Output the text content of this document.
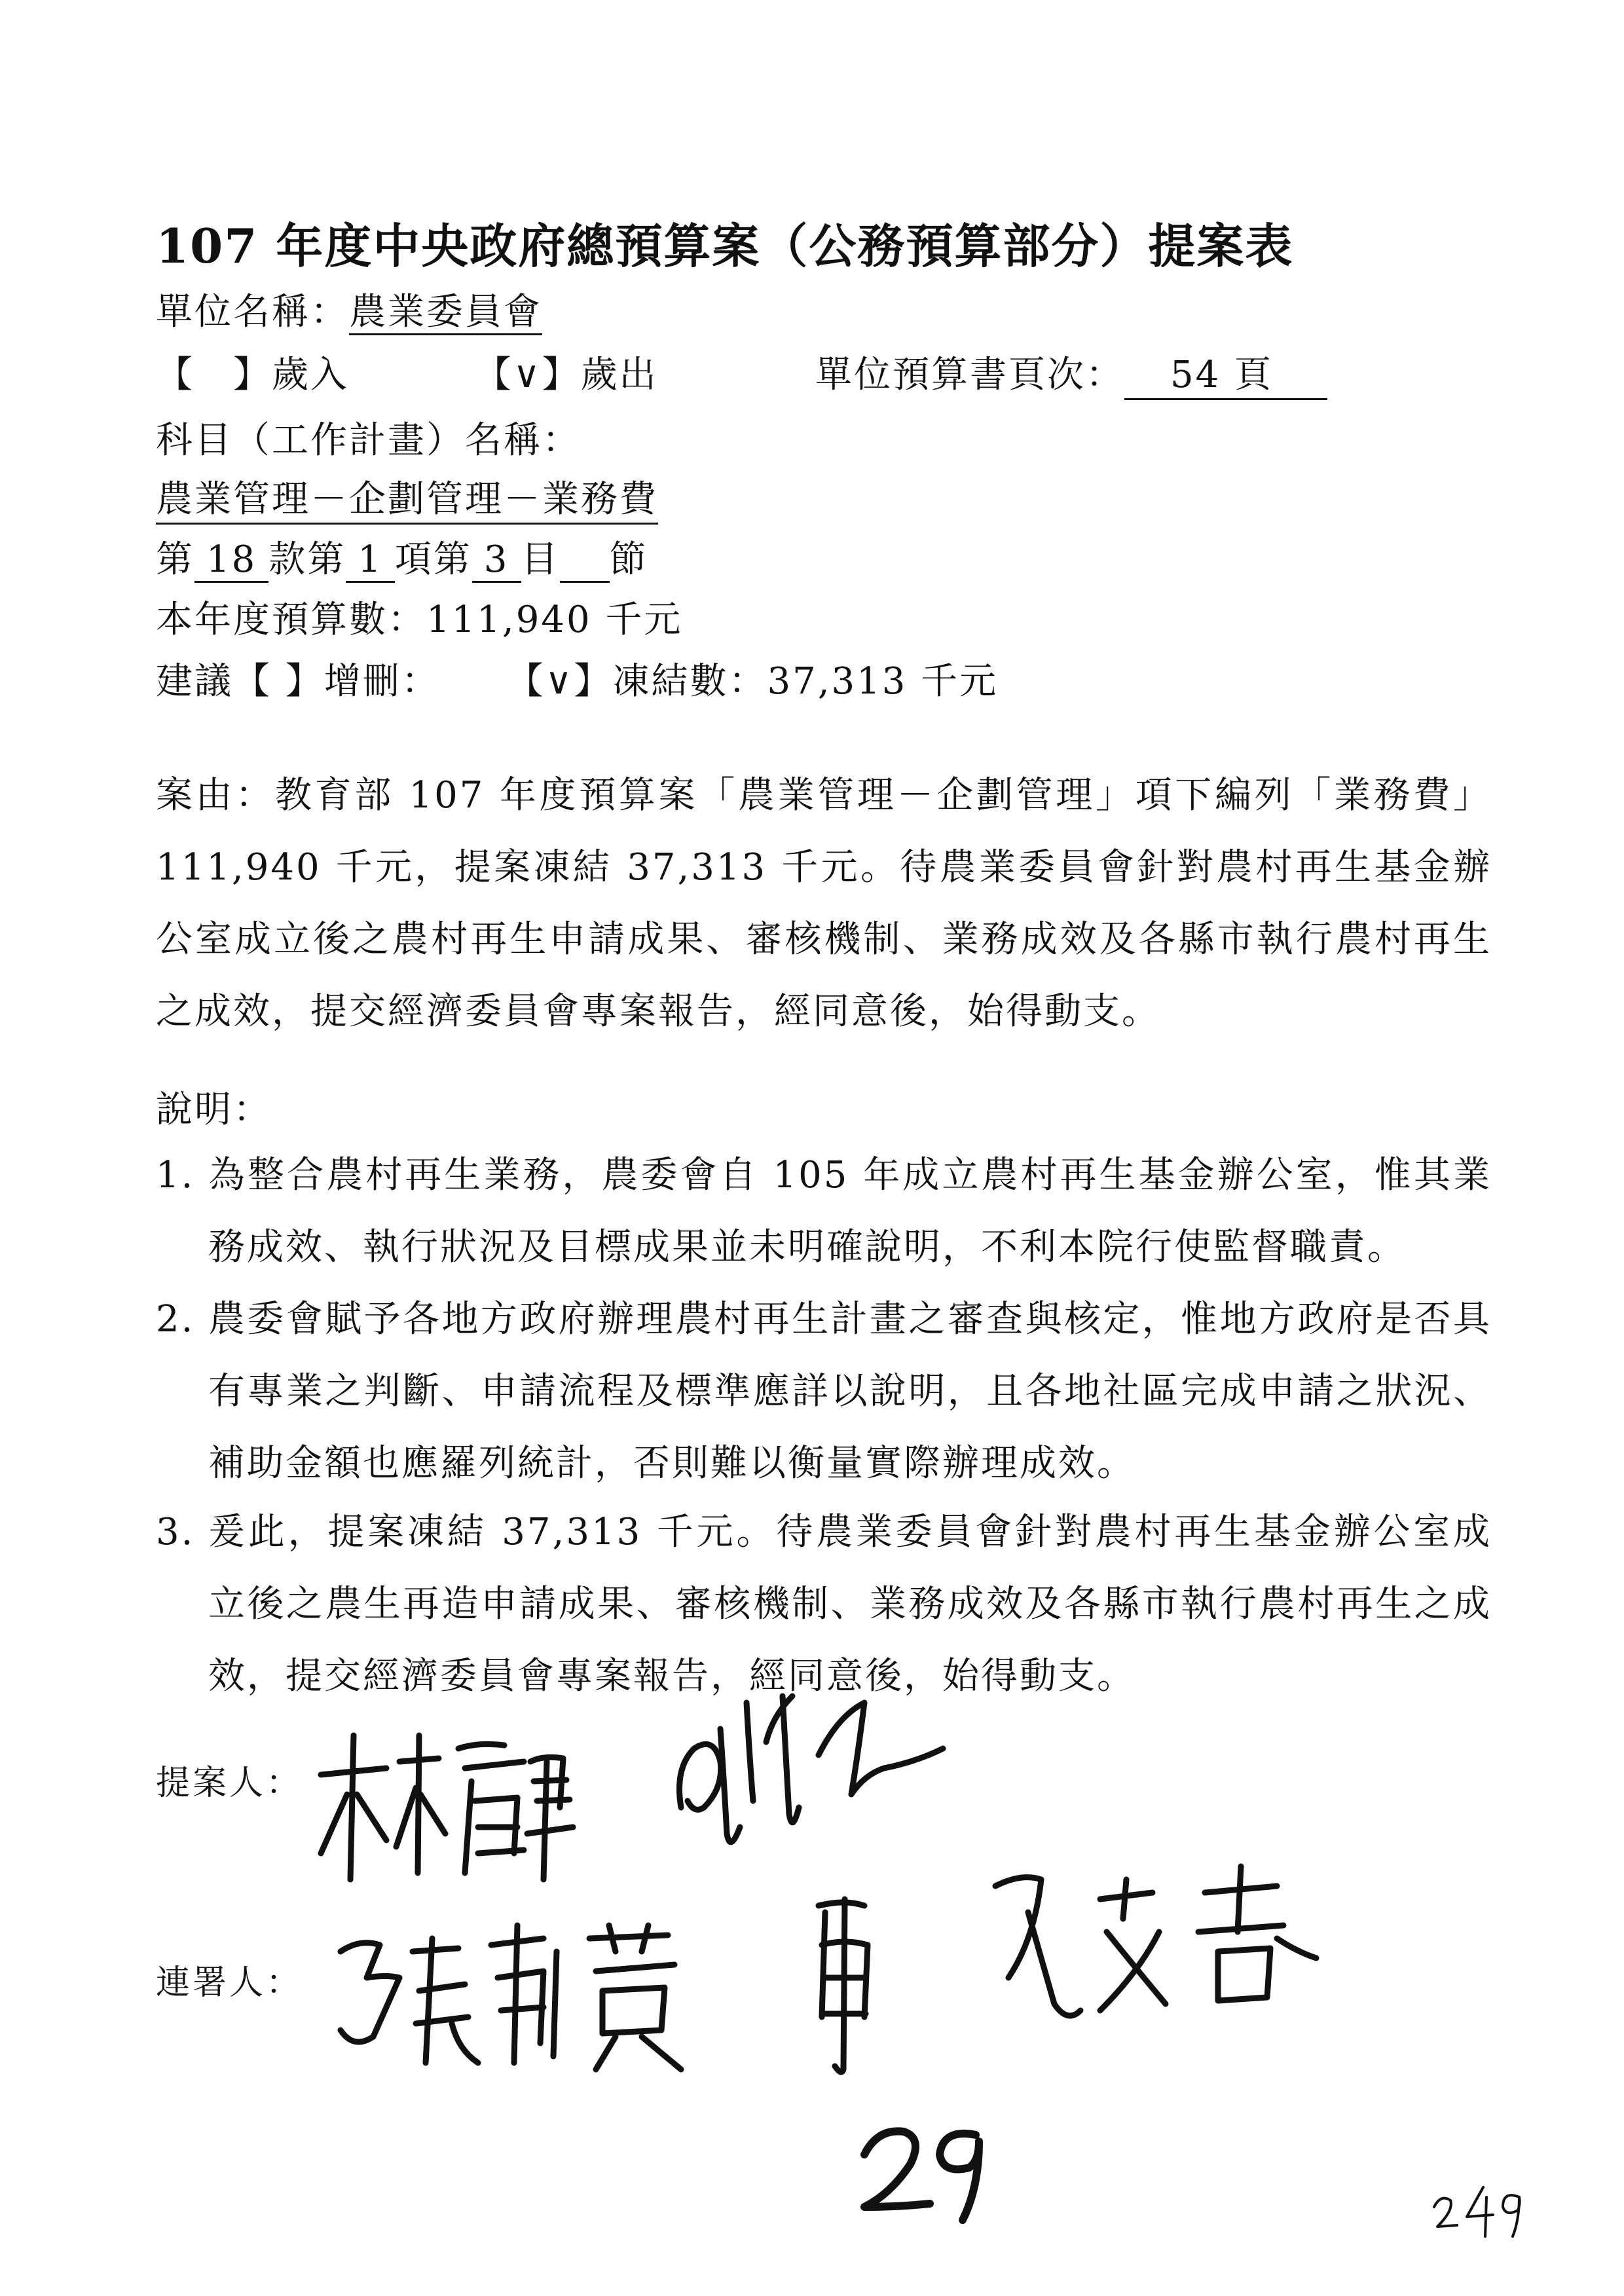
107 年度中央政府總預算案（公務預算部分）提案表
單位名稱：農業委員會
【　】歲入	【∨】歲出	單位預算書頁次： 54 頁
科目（工作計畫）名稱：
農業管理－企劃管理－業務費
第 18 款第 1 項第 3 目 節
本年度預算數：111,940 千元
建議【 】增刪： 【∨】凍結數：37,313 千元
案由：教育部 107 年度預算案「農業管理－企劃管理」項下編列「業務費」111,940 千元，提案凍結 37,313 千元。待農業委員會針對農村再生基金辦公室成立後之農村再生申請成果、審核機制、業務成效及各縣市執行農村再生之成效，提交經濟委員會專案報告，經同意後，始得動支。
說明：
1. 為整合農村再生業務，農委會自 105 年成立農村再生基金辦公室，惟其業務成效、執行狀況及目標成果並未明確說明，不利本院行使監督職責。
2. 農委會賦予各地方政府辦理農村再生計畫之審查與核定，惟地方政府是否具有專業之判斷、申請流程及標準應詳以說明，且各地社區完成申請之狀況、補助金額也應羅列統計，否則難以衡量實際辦理成效。
3. 爰此，提案凍結 37,313 千元。待農業委員會針對農村再生基金辦公室成立後之農生再造申請成果、審核機制、業務成效及各縣市執行農村再生之成效，提交經濟委員會專案報告，經同意後，始得動支。
提案人：
連署人：
